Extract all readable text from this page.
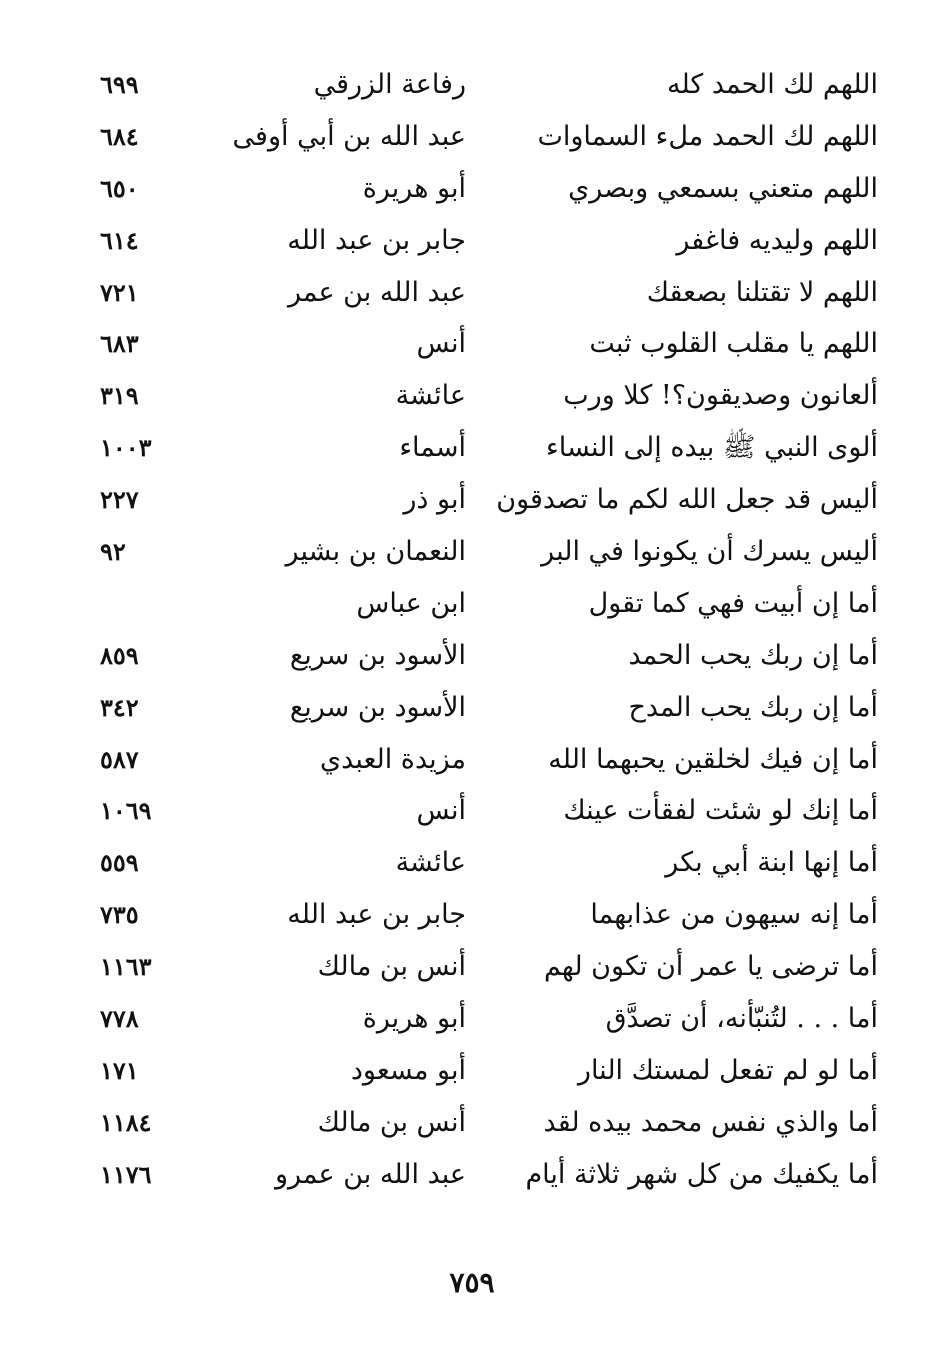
اللهم لك الحمد كله
رفاعة الزرقي
٦٩٩
اللهم لك الحمد ملء السماوات
عبد الله بن أبي أوفى
٦٨٤
اللهم متعني بسمعي وبصري
أبو هريرة
٦٥٠
اللهم وليديه فاغفر
جابر بن عبد الله
٦١٤
اللهم لا تقتلنا بصعقك
عبد الله بن عمر
٧٢١
اللهم يا مقلب القلوب ثبت
أنس
٦٨٣
ألعانون وصديقون؟! كلا ورب
عائشة
٣١٩
ألوى النبي ﷺ بيده إلى النساء
أسماء
١٠٠٣
أليس قد جعل الله لكم ما تصدقون
أبو ذر
٢٢٧
أليس يسرك أن يكونوا في البر
النعمان بن بشير
٩٢
أما إن أبيت فهي كما تقول
ابن عباس
أما إن ربك يحب الحمد
الأسود بن سريع
٨٥٩
أما إن ربك يحب المدح
الأسود بن سريع
٣٤٢
أما إن فيك لخلقين يحبهما الله
مزيدة العبدي
٥٨٧
أما إنك لو شئت لفقأت عينك
أنس
١٠٦٩
أما إنها ابنة أبي بكر
عائشة
٥٥٩
أما إنه سيهون من عذابهما
جابر بن عبد الله
٧٣٥
أما ترضى يا عمر أن تكون لهم
أنس بن مالك
١١٦٣
أما . . . لتُنبّأنه، أن تصدَّق
أبو هريرة
٧٧٨
أما لو لم تفعل لمستك النار
أبو مسعود
١٧١
أما والذي نفس محمد بيده لقد
أنس بن مالك
١١٨٤
أما يكفيك من كل شهر ثلاثة أيام
عبد الله بن عمرو
١١٧٦
٧٥٩
